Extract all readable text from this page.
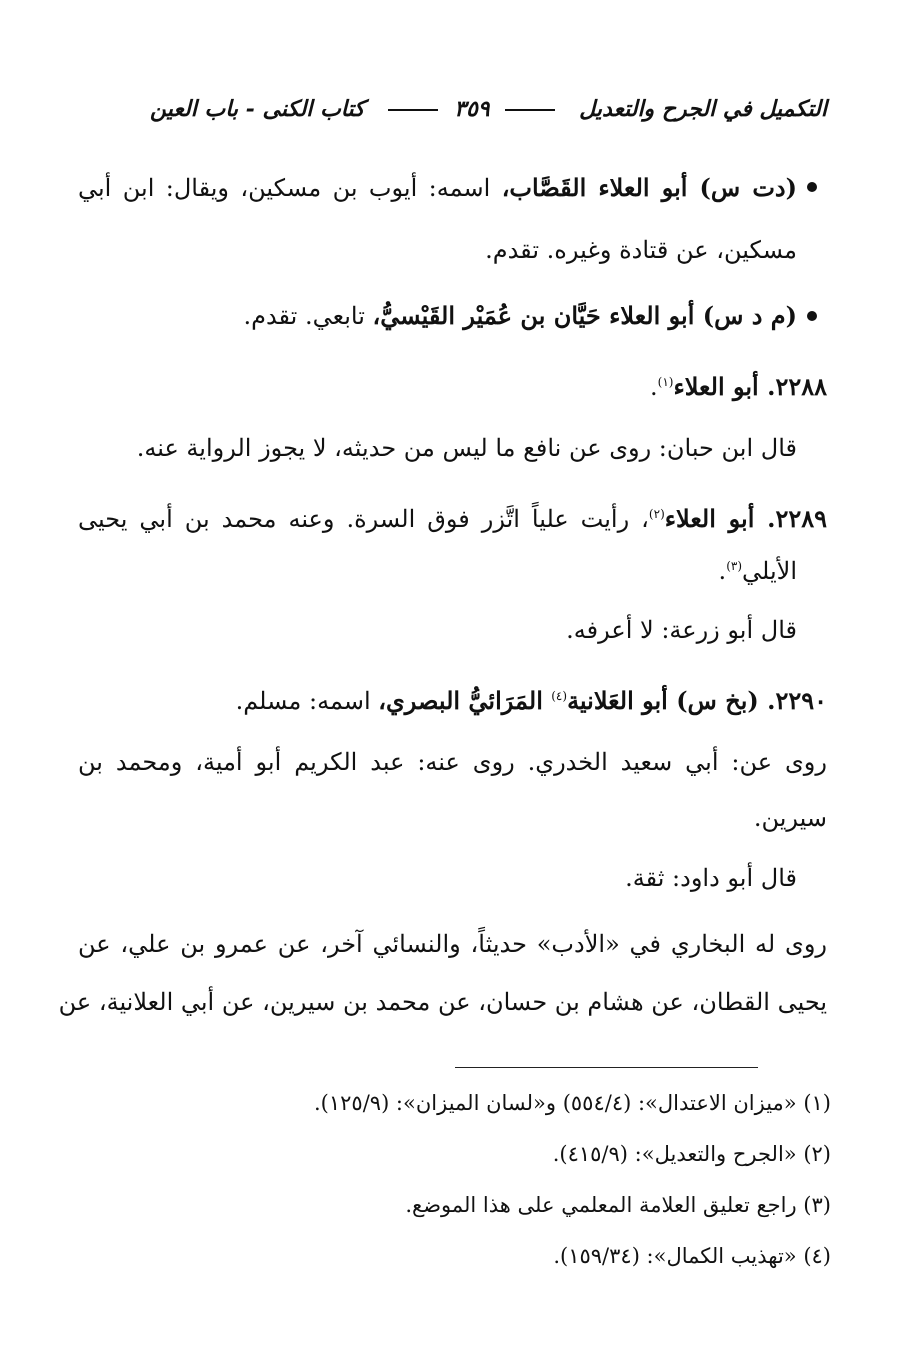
التكميل في الجرح والتعديل
٣٥٩
كتاب الكنى - باب العين
(دت س) أبو العلاء القَصَّاب، اسمه: أيوب بن مسكين، ويقال: ابن أبي
مسكين، عن قتادة وغيره. تقدم.
(م د س) أبو العلاء حَيَّان بن عُمَيْر القَيْسيُّ، تابعي. تقدم.
٢٢٨٨. أبو العلاء$^{(١)}$.
قال ابن حبان: روى عن نافع ما ليس من حديثه، لا يجوز الرواية عنه.
٢٢٨٩. أبو العلاء$^{(٢)}$، رأيت علياً اتَّزر فوق السرة. وعنه محمد بن أبي يحيى
الأيلي$^{(٣)}$.
قال أبو زرعة: لا أعرفه.
٢٢٩٠. (بخ س) أبو العَلانية$^{(٤)}$ المَرَائيُّ البصري، اسمه: مسلم.
روى عن: أبي سعيد الخدري. روى عنه: عبد الكريم أبو أمية، ومحمد بن
سيرين.
قال أبو داود: ثقة.
روى له البخاري في «الأدب» حديثاً، والنسائي آخر، عن عمرو بن علي، عن
يحيى القطان، عن هشام بن حسان، عن محمد بن سيرين، عن أبي العلانية، عن
(١) «ميزان الاعتدال»: (٥٥٤/٤) و«لسان الميزان»: (١٢٥/٩).
(٢) «الجرح والتعديل»: (٤١٥/٩).
(٣) راجع تعليق العلامة المعلمي على هذا الموضع.
(٤) «تهذيب الكمال»: (١٥٩/٣٤).
